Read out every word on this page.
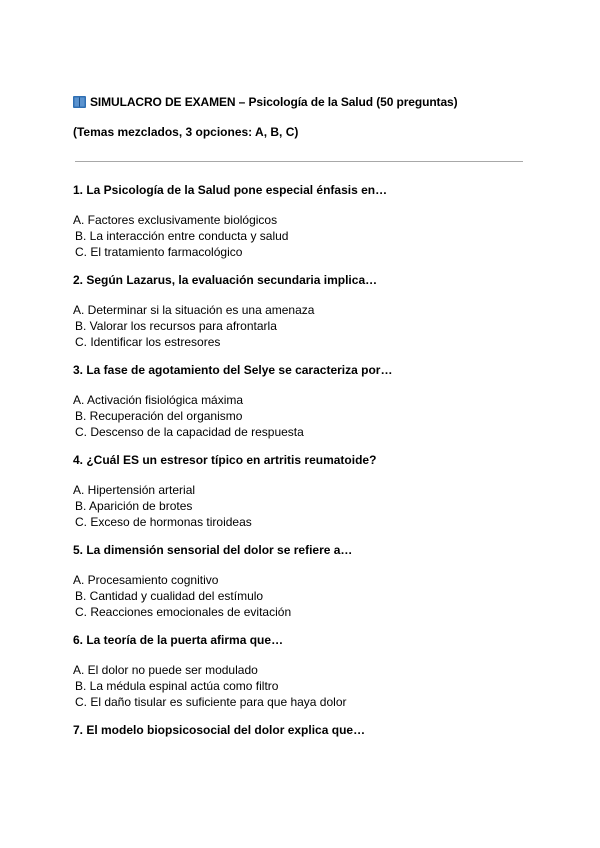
SIMULACRO DE EXAMEN – Psicología de la Salud (50 preguntas)
(Temas mezclados, 3 opciones: A, B, C)
1. La Psicología de la Salud pone especial énfasis en…
A. Factores exclusivamente biológicos
B. La interacción entre conducta y salud
C. El tratamiento farmacológico
2. Según Lazarus, la evaluación secundaria implica…
A. Determinar si la situación es una amenaza
B. Valorar los recursos para afrontarla
C. Identificar los estresores
3. La fase de agotamiento del Selye se caracteriza por…
A. Activación fisiológica máxima
B. Recuperación del organismo
C. Descenso de la capacidad de respuesta
4. ¿Cuál ES un estresor típico en artritis reumatoide?
A. Hipertensión arterial
B. Aparición de brotes
C. Exceso de hormonas tiroideas
5. La dimensión sensorial del dolor se refiere a…
A. Procesamiento cognitivo
B. Cantidad y cualidad del estímulo
C. Reacciones emocionales de evitación
6. La teoría de la puerta afirma que…
A. El dolor no puede ser modulado
B. La médula espinal actúa como filtro
C. El daño tisular es suficiente para que haya dolor
7. El modelo biopsicosocial del dolor explica que…
